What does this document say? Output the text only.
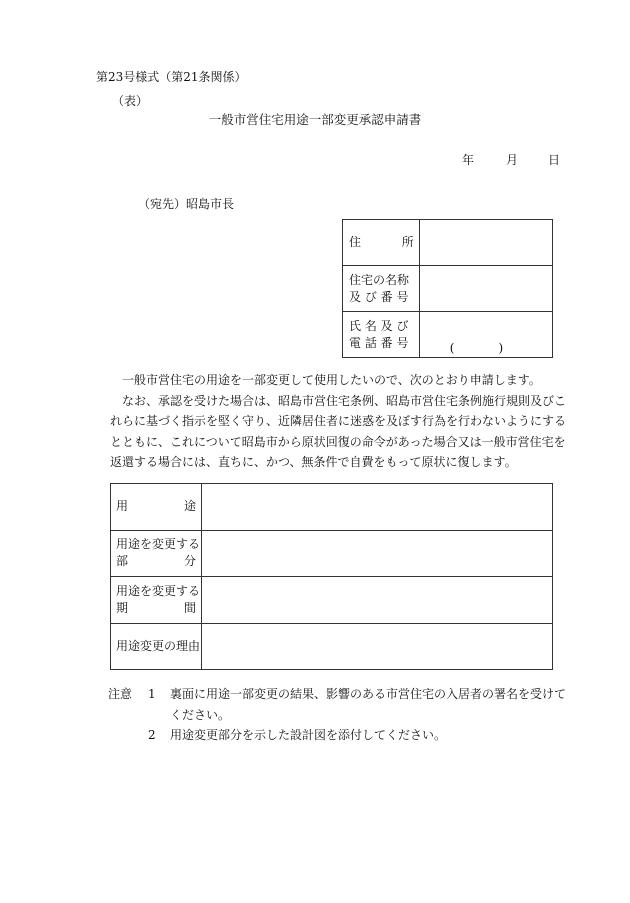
第23号様式（第21条関係）
（表）
一般市営住宅用途一部変更承認申請書
年	月	日
（宛先）昭島市長
住 所	

住宅の名称
及 び 番 号	

氏 名 及 び
電 話 番 号	( )

一般市営住宅の用途を一部変更して使用したいので、次のとおり申請します。

なお、承認を受けた場合は、昭島市営住宅条例、昭島市営住宅条例施行規則及びこれらに基づく指示を堅く守り、近隣居住者に迷惑を及ぼす行為を行わないようにするとともに、これについて昭島市から原状回復の命令があった場合又は一般市営住宅を返還する場合には、直ちに、かつ、無条件で自費をもって原状に復します。

用 途	

用途を変更する
部 分	

用途を変更する
期 間	

用途変更の理由	
注意	1	裏面に用途一部変更の結果、影響のある市営住宅の入居者の署名を受けてください。
2	用途変更部分を示した設計図を添付してください。
